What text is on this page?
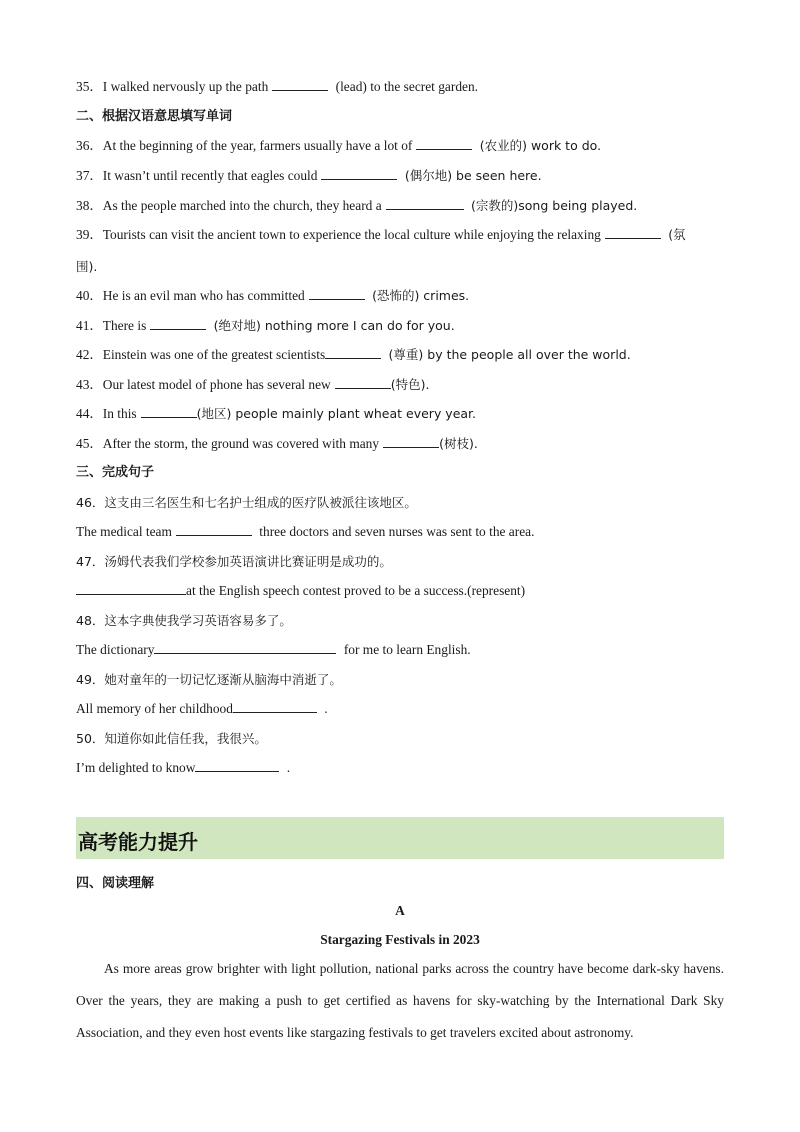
35．I walked nervously up the path	(lead) to the secret garden.
二、根据汉语意思填写单词
36．At the beginning of the year, farmers usually have a lot of	(农业的) work to do.
37．It wasn’t until recently that eagles could	(偶尔地) be seen here.
38．As the people marched into the church, they heard a	(宗教的)song being played.
39．Tourists can visit the ancient town to experience the local culture while enjoying the relaxing	(氛
围).
40．He is an evil man who has committed	(恐怖的) crimes.
41．There is	(绝对地) nothing more I can do for you.
42．Einstein was one of the greatest scientists	(尊重) by the people all over the world.
43．Our latest model of phone has several new	(特色).
44．In this	(地区) people mainly plant wheat every year.
45．After the storm, the ground was covered with many	(树枝).
三、完成句子
46．这支由三名医生和七名护士组成的医疗队被派往该地区。
The medical team	three doctors and seven nurses was sent to the area.
47．汤姆代表我们学校参加英语演讲比赛证明是成功的。
at the English speech contest proved to be a success.(represent)
48．这本字典使我学习英语容易多了。
The dictionary	for me to learn English.
49．她对童年的一切记忆逐渐从脑海中消逝了。
All memory of her childhood	.
50．知道你如此信任我，我很兴。
I’m delighted to know	.
高考能力提升
四、阅读理解
A
Stargazing Festivals in 2023

As more areas grow brighter with light pollution, national parks across the country have become dark-sky havens. Over the years, they are making a push to get certified as havens for sky-watching by the International Dark Sky Association, and they even host events like stargazing festivals to get travelers excited about astronomy.
